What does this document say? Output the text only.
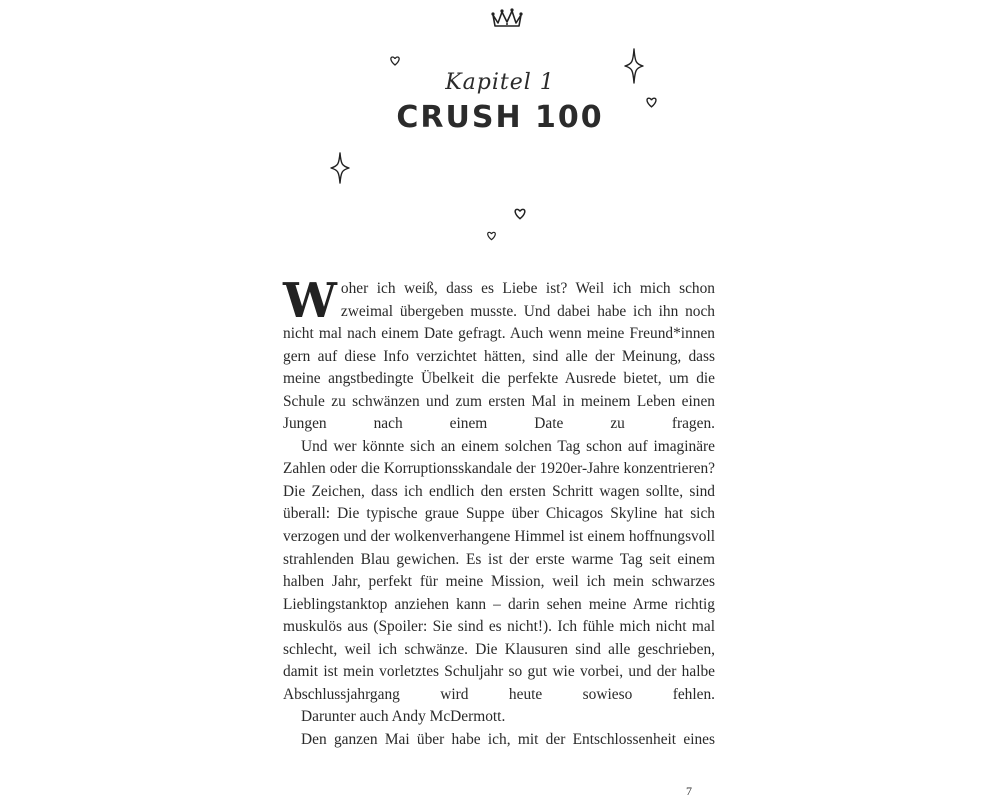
Kapitel 1
CRUSH 100

Woher ich weiß, dass es Liebe ist? Weil ich mich schon zweimal übergeben musste. Und dabei habe ich ihn noch nicht mal nach einem Date gefragt. Auch wenn meine Freund*innen gern auf diese Info verzichtet hätten, sind alle der Meinung, dass meine angstbedingte Übelkeit die perfekte Ausrede bietet, um die Schule zu schwänzen und zum ersten Mal in meinem Leben einen Jungen nach einem Date zu fragen.

Und wer könnte sich an einem solchen Tag schon auf imaginäre Zahlen oder die Korruptionsskandale der 1920er-Jahre konzentrieren? Die Zeichen, dass ich endlich den ersten Schritt wagen sollte, sind überall: Die typische graue Suppe über Chicagos Skyline hat sich verzogen und der wolkenverhangene Himmel ist einem hoffnungsvoll strahlenden Blau gewichen. Es ist der erste warme Tag seit einem halben Jahr, perfekt für meine Mission, weil ich mein schwarzes Lieblingstanktop anziehen kann – darin sehen meine Arme richtig muskulös aus (Spoiler: Sie sind es nicht!). Ich fühle mich nicht mal schlecht, weil ich schwänze. Die Klausuren sind alle geschrieben, damit ist mein vorletztes Schuljahr so gut wie vorbei, und der halbe Abschlussjahrgang wird heute sowieso fehlen.

Darunter auch Andy McDermott.

Den ganzen Mai über habe ich, mit der Entschlossenheit eines

7
